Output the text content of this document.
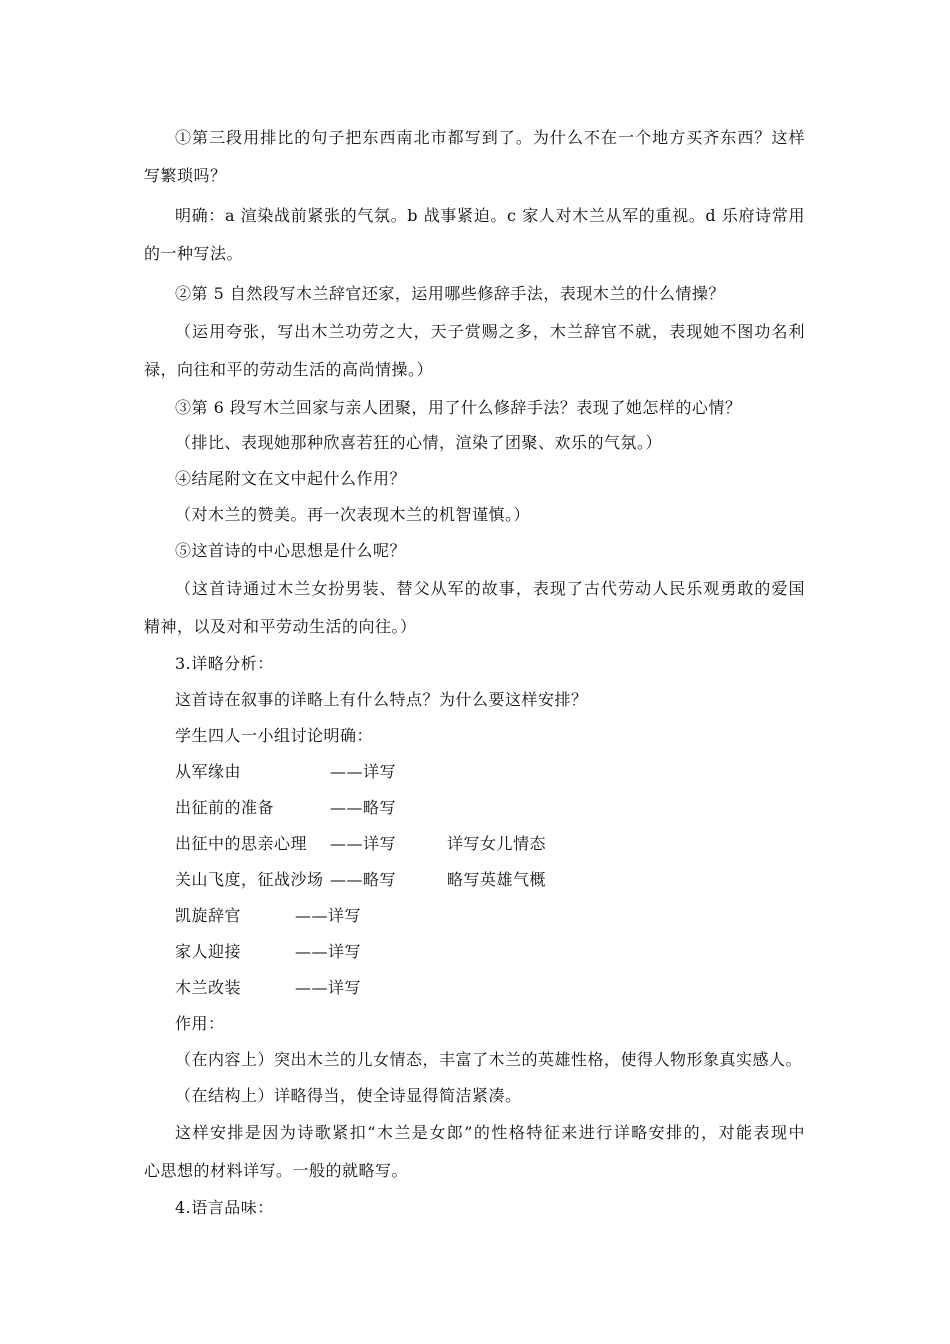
①第三段用排比的句子把东西南北市都写到了。为什么不在一个地方买齐东西？这样
写繁琐吗？
明确：a 渲染战前紧张的气氛。b 战事紧迫。c 家人对木兰从军的重视。d 乐府诗常用
的一种写法。
②第 5 自然段写木兰辞官还家，运用哪些修辞手法，表现木兰的什么情操？
（运用夸张，写出木兰功劳之大，天子赏赐之多，木兰辞官不就，表现她不图功名利
禄，向往和平的劳动生活的高尚情操。）
③第 6 段写木兰回家与亲人团聚，用了什么修辞手法？表现了她怎样的心情？
（排比、表现她那种欣喜若狂的心情，渲染了团聚、欢乐的气氛。）
④结尾附文在文中起什么作用？
（对木兰的赞美。再一次表现木兰的机智谨慎。）
⑤这首诗的中心思想是什么呢？
（这首诗通过木兰女扮男装、替父从军的故事，表现了古代劳动人民乐观勇敢的爱国
精神，以及对和平劳动生活的向往。）
3.详略分析：
这首诗在叙事的详略上有什么特点？为什么要这样安排？
学生四人一小组讨论明确：
从军缘由	——详写
出征前的准备	——略写
出征中的思亲心理 ——详写	详写女儿情态
关山飞度，征战沙场 ——略写	略写英雄气概
凯旋辞官	——详写
家人迎接	——详写
木兰改装	——详写
作用：
（在内容上）突出木兰的儿女情态，丰富了木兰的英雄性格，使得人物形象真实感人。
（在结构上）详略得当，使全诗显得简洁紧凑。
这样安排是因为诗歌紧扣“木兰是女郎”的性格特征来进行详略安排的，对能表现中
心思想的材料详写。一般的就略写。
4.语言品味：
